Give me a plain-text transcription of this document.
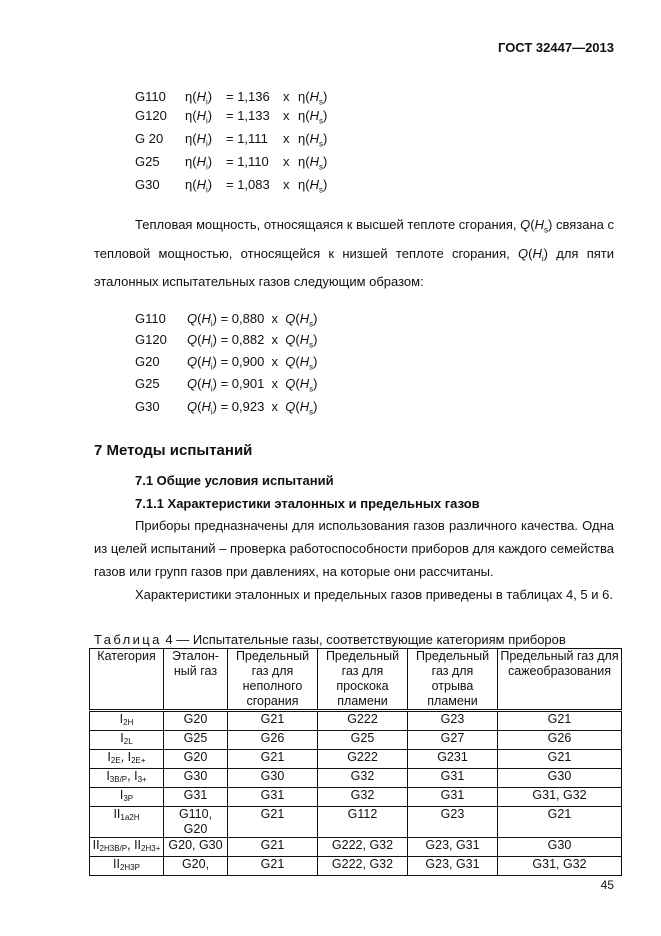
ГОСТ 32447—2013
G110 $\eta(H_i) = 1,136$ x $\eta(H_s)$
G120 $\eta(H_i) = 1,133$ x $\eta(H_s)$
G 20 $\eta(H_i) = 1,111$ x $\eta(H_s)$
G25 $\eta(H_i) = 1,110$ x $\eta(H_s)$
G30 $\eta(H_i) = 1,083$ x $\eta(H_s)$

Тепловая мощность, относящаяся к высшей теплоте сгорания, $Q(H_s)$ связана с тепловой мощностью, относящейся к низшей теплоте сгорания, $Q(H_i)$ для пяти эталонных испытательных газов следующим образом:

G110 $Q(H_i) = 0,880$  x  $Q(H_s)$
G120 $Q(H_i) = 0,882$  x  $Q(H_s)$
G20 $Q(H_i) = 0,900$  x  $Q(H_s)$
G25 $Q(H_i) = 0,901$  x  $Q(H_s)$
G30 $Q(H_i) = 0,923$  x  $Q(H_s)$
7 Методы испытаний
7.1 Общие условия испытаний
7.1.1 Характеристики эталонных и предельных газов

Приборы предназначены для использования газов различного качества. Одна из целей испытаний – проверка работоспособности приборов для каждого семейства газов или групп газов при давлениях, на которые они рассчитаны.

Характеристики эталонных и предельных газов приведены в таблицах 4, 5 и 6.

Таблица 4 — Испытательные газы, соответствующие категориям приборов
Категория	Эталон-ный газ	Предельный газ для неполного сгорания	Предельный газ для проскока пламени	Предельный газ для отрыва пламени	Предельный газ для сажеобразования
$I_{2H}$	G20	G21	G222	G23	G21
$I_{2L}$	G25	G26	G25	G27	G26
$I_{2E}$, $I_{2E+}$	G20	G21	G222	G231	G21
$I_{3B/P}$, $I_{3+}$	G30	G30	G32	G31	G30
$I_{3P}$	G31	G31	G32	G31	G31, G32
$II_{1a2H}$	G110, G20	G21	G112	G23	G21
$II_{2H3B/P}$, $II_{2H3+}$	G20, G30	G21	G222, G32	G23, G31	G30
$II_{2H3P}$	G20,	G21	G222, G32	G23, G31	G31, G32
45
